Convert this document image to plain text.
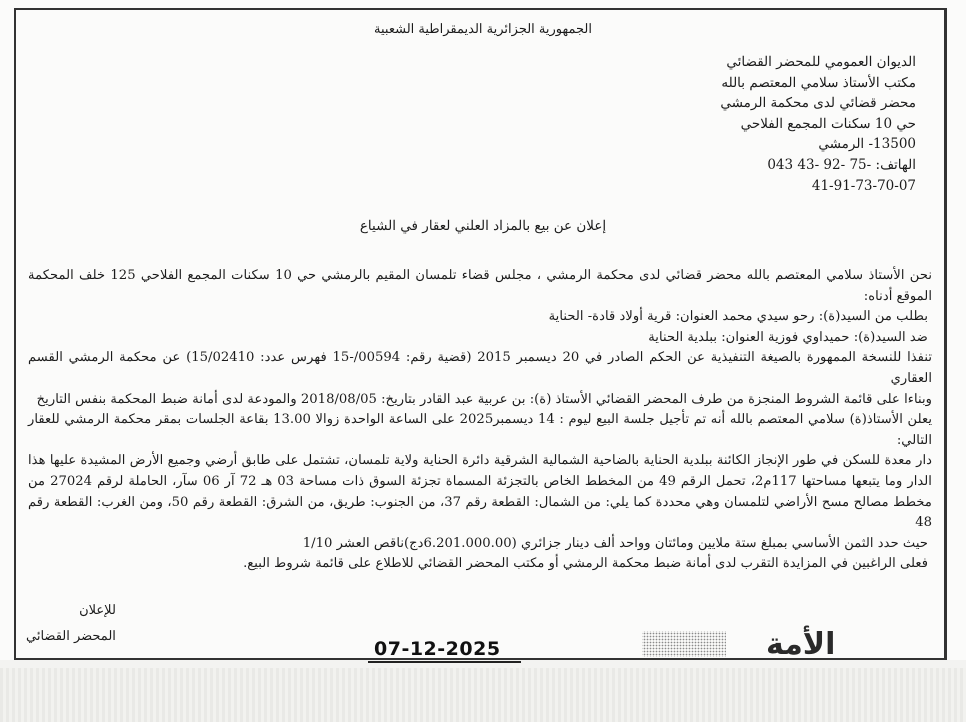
الجمهورية الجزائرية الديمقراطية الشعبية
الديوان العمومي للمحضر القضائي
مكتب الأستاذ سلامي المعتصم بالله
محضر قضائي لدى محكمة الرمشي
حي 10 سكنات المجمع الفلاحي
13500- الرمشي
الهاتف: 043 43- 92- 75-
41-91-73-70-07
إعلان عن بيع بالمزاد العلني لعقار في الشياع

نحن الأستاذ سلامي المعتصم بالله محضر قضائي لدى محكمة الرمشي ، مجلس قضاء تلمسان المقيم بالرمشي حي 10 سكنات المجمع الفلاحي 125 خلف المحكمة الموقع أدناه:

بطلب من السيد(ة): رحو سيدي محمد العنوان: قرية أولاد قادة- الحناية

ضد السيد(ة): حميداوي فوزية العنوان: ببلدية الحناية

تنفذا للنسخة الممهورة بالصيغة التنفيذية عن الحكم الصادر في 20 ديسمبر 2015 (قضية رقم: 00594/-15 فهرس عدد: 15/02410) عن محكمة الرمشي القسم العقاري

وبناءا على قائمة الشروط المنجزة من طرف المحضر القضائي الأستاذ (ة): بن عربية عبد القادر بتاريخ: 2018/08/05 والمودعة لدى أمانة ضبط المحكمة بنفس التاريخ

يعلن الأستاذ(ة) سلامي المعتصم بالله أنه تم تأجيل جلسة البيع ليوم : 14 ديسمبر2025 على الساعة الواحدة زوالا 13.00 بقاعة الجلسات بمقر محكمة الرمشي للعقار التالي:

دار معدة للسكن في طور الإنجاز الكائنة ببلدية الحناية بالضاحية الشمالية الشرقية دائرة الحناية ولاية تلمسان، تشتمل على طابق أرضي وجميع الأرض المشيدة عليها هذا الدار وما يتبعها مساحتها 117م2، تحمل الرقم 49 من المخطط الخاص بالتجزئة المسماة تجزئة السوق ذات مساحة 03 هـ 72 آر 06 سآر، الحاملة لرقم 27024 من مخطط مصالح مسح الأراضي لتلمسان وهي محددة كما يلي: من الشمال: القطعة رقم 37، من الجنوب: طريق، من الشرق: القطعة رقم 50، ومن الغرب: القطعة رقم 48

حيث حدد الثمن الأساسي بمبلغ ستة ملايين ومائتان وواحد ألف دينار جزائري (6.201.000.00دج)ناقص العشر 1/10

فعلى الراغبين في المزايدة التقرب لدى أمانة ضبط محكمة الرمشي أو مكتب المحضر القضائي للاطلاع على قائمة شروط البيع.

للإعلان
المحضر القضائي
07-12-2025	الأمة
